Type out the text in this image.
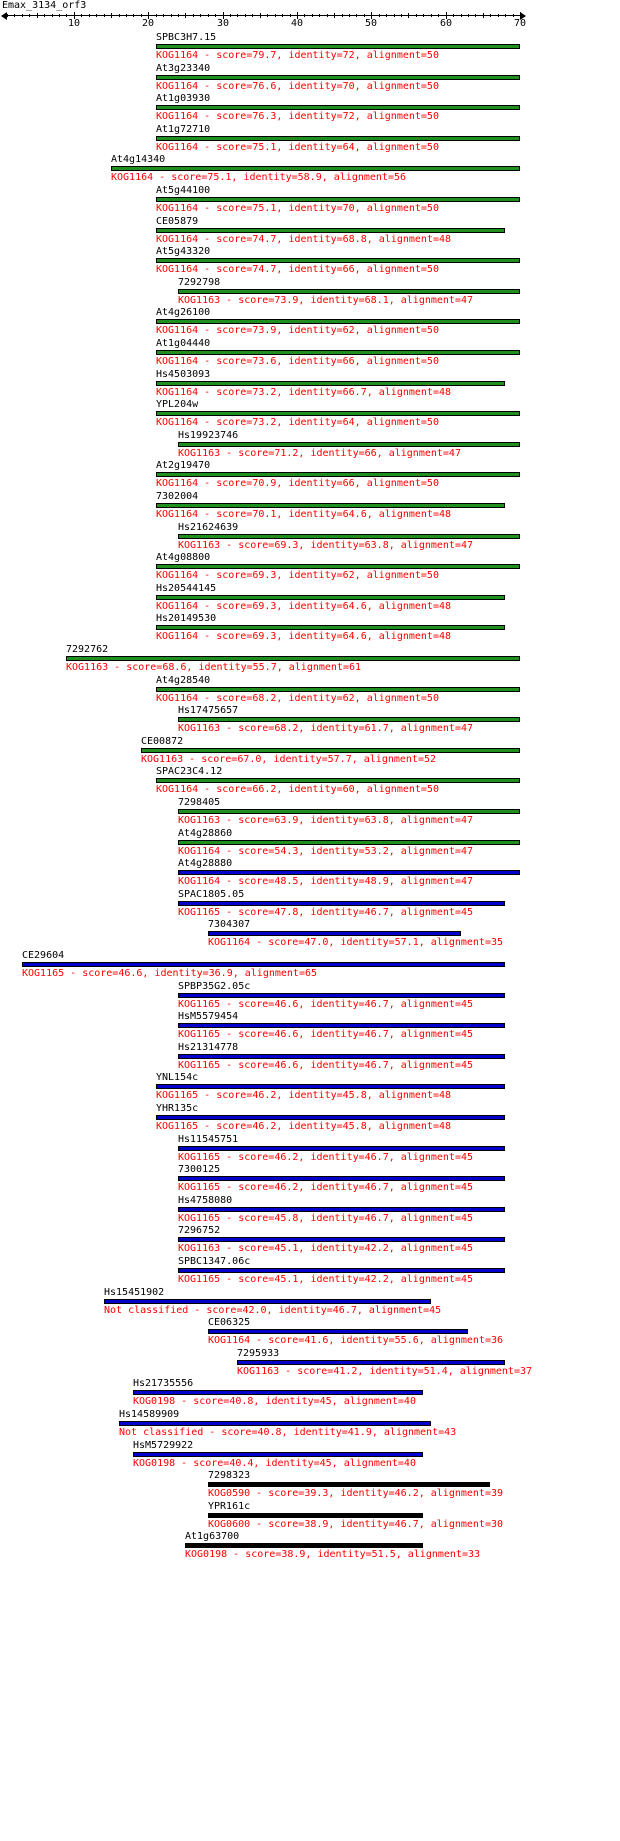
Emax_3134_orf3
10	20	30	40	50	60	70
SPBC3H7.15
KOG1164 - score=79.7, identity=72, alignment=50
At3g23340
KOG1164 - score=76.6, identity=70, alignment=50
At1g03930
KOG1164 - score=76.3, identity=72, alignment=50
At1g72710
KOG1164 - score=75.1, identity=64, alignment=50
At4g14340
KOG1164 - score=75.1, identity=58.9, alignment=56
At5g44100
KOG1164 - score=75.1, identity=70, alignment=50
CE05879
KOG1164 - score=74.7, identity=68.8, alignment=48
At5g43320
KOG1164 - score=74.7, identity=66, alignment=50
7292798
KOG1163 - score=73.9, identity=68.1, alignment=47
At4g26100
KOG1164 - score=73.9, identity=62, alignment=50
At1g04440
KOG1164 - score=73.6, identity=66, alignment=50
Hs4503093
KOG1164 - score=73.2, identity=66.7, alignment=48
YPL204w
KOG1164 - score=73.2, identity=64, alignment=50
Hs19923746
KOG1163 - score=71.2, identity=66, alignment=47
At2g19470
KOG1164 - score=70.9, identity=66, alignment=50
7302004
KOG1164 - score=70.1, identity=64.6, alignment=48
Hs21624639
KOG1163 - score=69.3, identity=63.8, alignment=47
At4g08800
KOG1164 - score=69.3, identity=62, alignment=50
Hs20544145
KOG1164 - score=69.3, identity=64.6, alignment=48
Hs20149530
KOG1164 - score=69.3, identity=64.6, alignment=48
7292762
KOG1163 - score=68.6, identity=55.7, alignment=61
At4g28540
KOG1164 - score=68.2, identity=62, alignment=50
Hs17475657
KOG1163 - score=68.2, identity=61.7, alignment=47
CE00872
KOG1163 - score=67.0, identity=57.7, alignment=52
SPAC23C4.12
KOG1164 - score=66.2, identity=60, alignment=50
7298405
KOG1163 - score=63.9, identity=63.8, alignment=47
At4g28860
KOG1164 - score=54.3, identity=53.2, alignment=47
At4g28880
KOG1164 - score=48.5, identity=48.9, alignment=47
SPAC1805.05
KOG1165 - score=47.8, identity=46.7, alignment=45
7304307
KOG1164 - score=47.0, identity=57.1, alignment=35
CE29604
KOG1165 - score=46.6, identity=36.9, alignment=65
SPBP35G2.05c
KOG1165 - score=46.6, identity=46.7, alignment=45
HsM5579454
KOG1165 - score=46.6, identity=46.7, alignment=45
Hs21314778
KOG1165 - score=46.6, identity=46.7, alignment=45
YNL154c
KOG1165 - score=46.2, identity=45.8, alignment=48
YHR135c
KOG1165 - score=46.2, identity=45.8, alignment=48
Hs11545751
KOG1165 - score=46.2, identity=46.7, alignment=45
7300125
KOG1165 - score=46.2, identity=46.7, alignment=45
Hs4758080
KOG1165 - score=45.8, identity=46.7, alignment=45
7296752
KOG1163 - score=45.1, identity=42.2, alignment=45
SPBC1347.06c
KOG1165 - score=45.1, identity=42.2, alignment=45
Hs15451902
Not classified - score=42.0, identity=46.7, alignment=45
CE06325
KOG1164 - score=41.6, identity=55.6, alignment=36
7295933
KOG1163 - score=41.2, identity=51.4, alignment=37
Hs21735556
KOG0198 - score=40.8, identity=45, alignment=40
Hs14589909
Not classified - score=40.8, identity=41.9, alignment=43
HsM5729922
KOG0198 - score=40.4, identity=45, alignment=40
7298323
KOG0590 - score=39.3, identity=46.2, alignment=39
YPR161c
KOG0600 - score=38.9, identity=46.7, alignment=30
At1g63700
KOG0198 - score=38.9, identity=51.5, alignment=33
